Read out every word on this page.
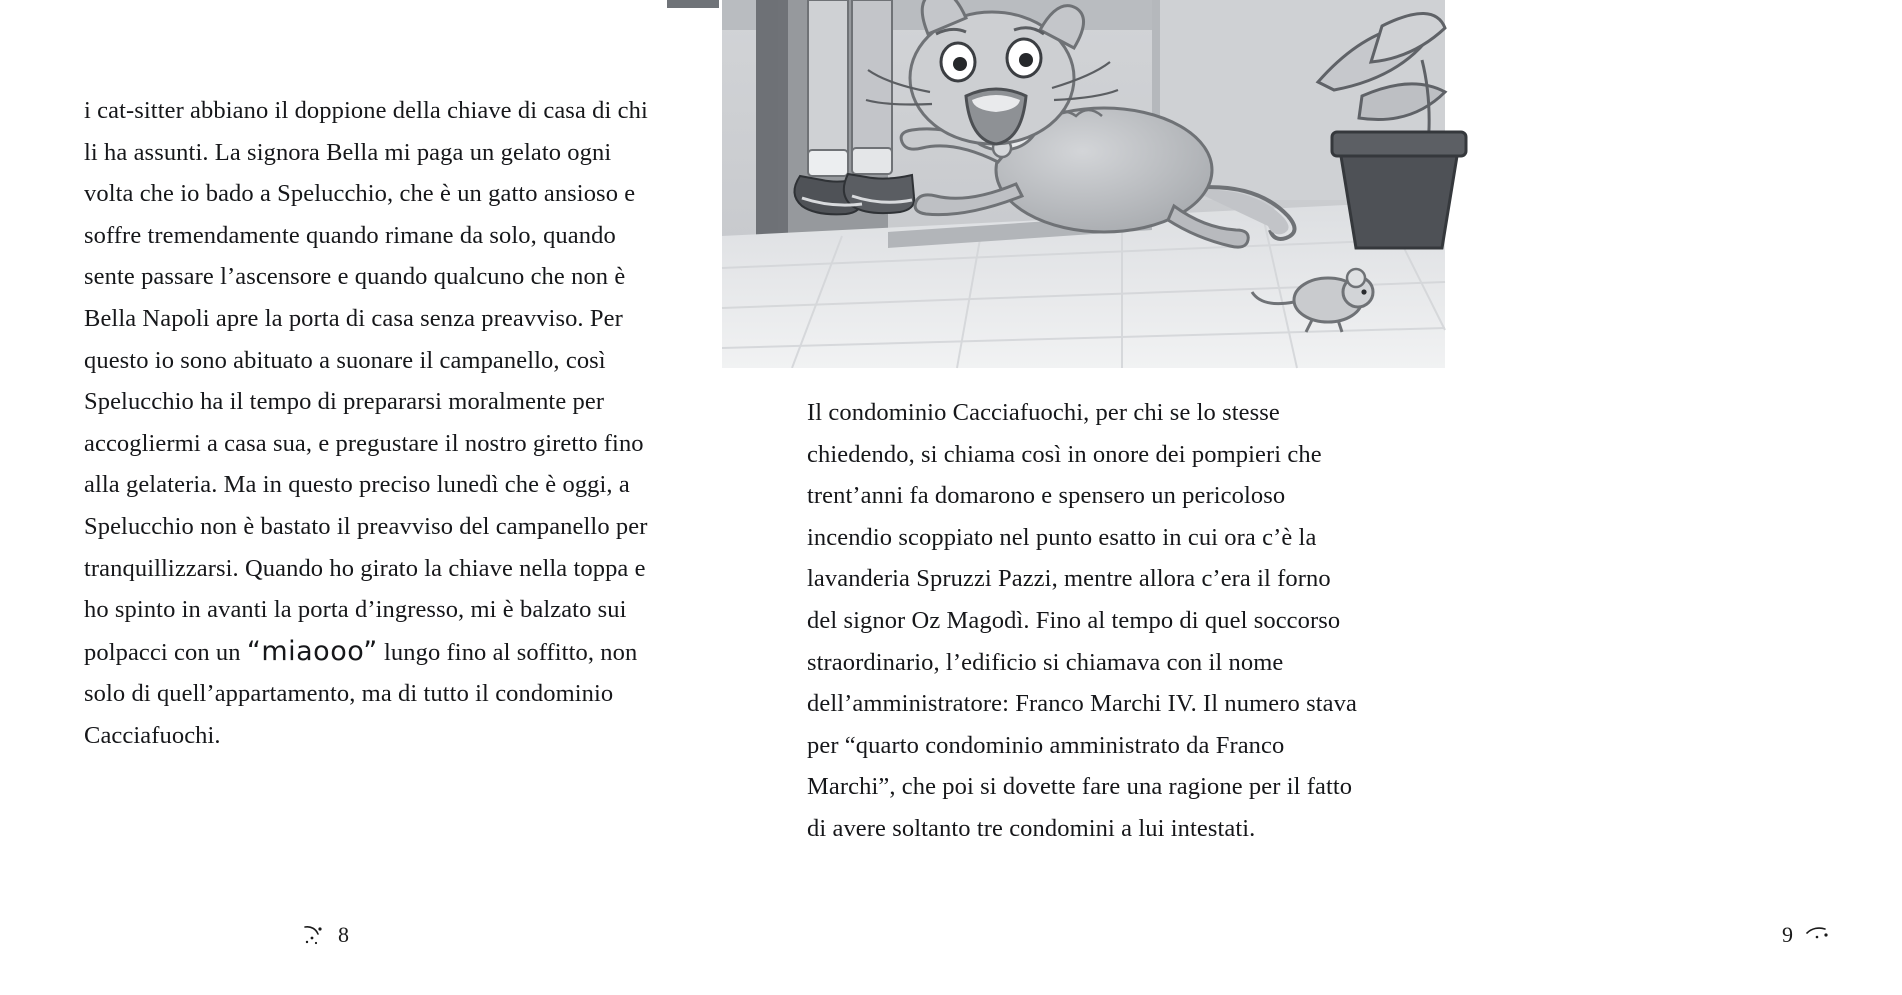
i cat-sitter abbiano il doppione della chiave di casa di chi li ha assunti. La signora Bella mi paga un gelato ogni volta che io bado a Spelucchio, che è un gatto ansioso e soffre tremendamente quando rimane da solo, quando sente passare l’ascensore e quando qualcuno che non è Bella Napoli apre la porta di casa senza preavviso. Per questo io sono abituato a suonare il campanello, così Spelucchio ha il tempo di prepararsi moralmente per accogliermi a casa sua, e pregustare il nostro giretto fino alla gelateria. Ma in questo preciso lunedì che è oggi, a Spelucchio non è bastato il preavviso del campanello per tranquillizzarsi. Quando ho girato la chiave nella toppa e ho spinto in avanti la porta d’ingresso, mi è balzato sui polpacci con un “miaooo” lungo fino al soffitto, non solo di quell’appartamento, ma di tutto il condominio Cacciafuochi.

8

Il condominio Cacciafuochi, per chi se lo stesse chiedendo, si chiama così in onore dei pompieri che trent’anni fa domarono e spensero un pericoloso incendio scoppiato nel punto esatto in cui ora c’è la lavanderia Spruzzi Pazzi, mentre allora c’era il forno del signor Oz Magodì. Fino al tempo di quel soccorso straordinario, l’edificio si chiamava con il nome dell’amministratore: Franco Marchi IV. Il numero stava per “quarto condominio amministrato da Franco Marchi”, che poi si dovette fare una ragione per il fatto di avere soltanto tre condomini a lui intestati.

9
